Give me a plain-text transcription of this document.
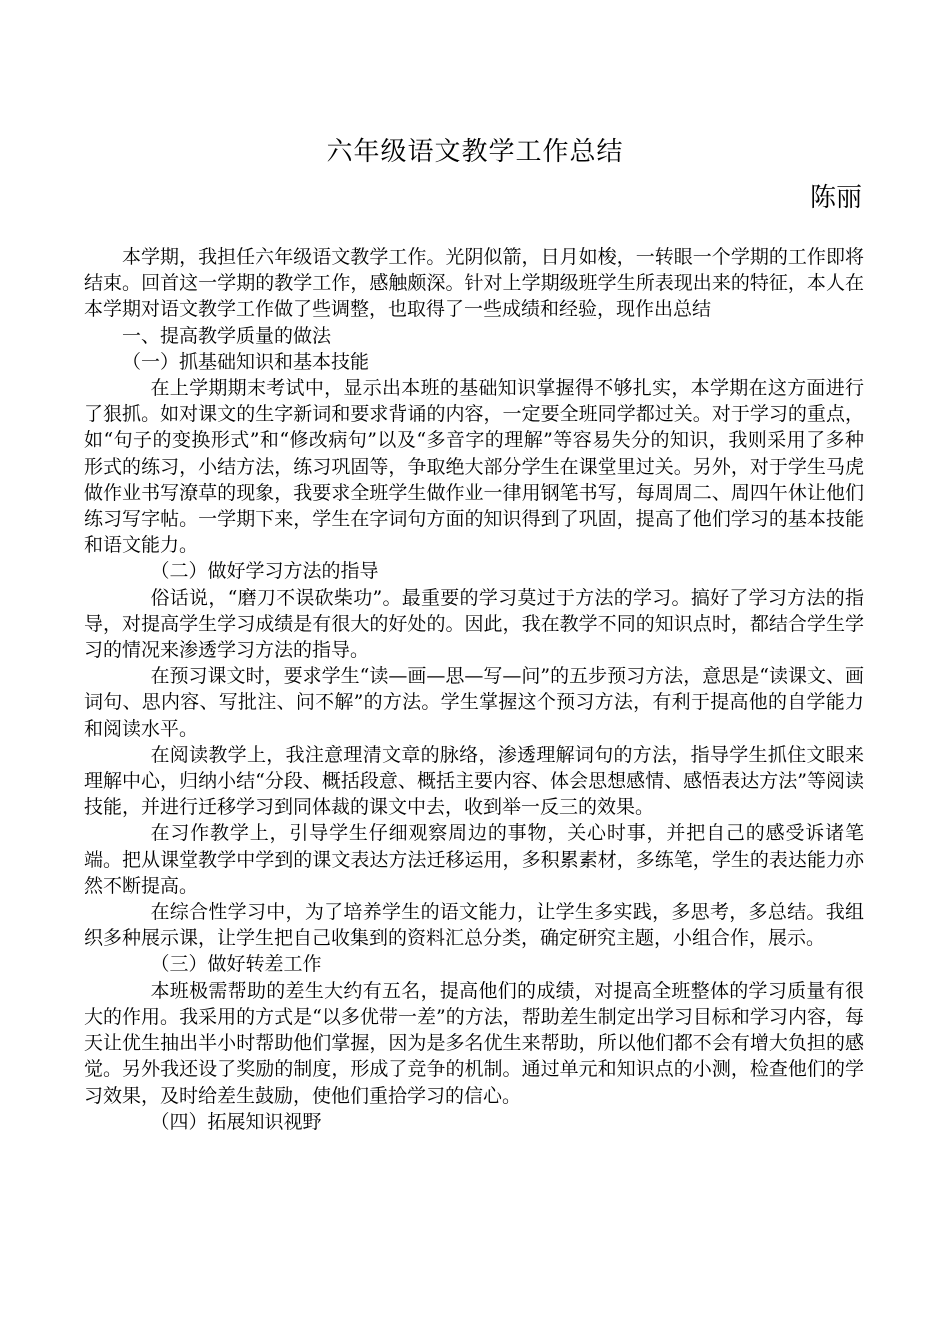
六年级语文教学工作总结
陈丽

本学期，我担任六年级语文教学工作。光阴似箭，日月如梭，一转眼一个学期的工作即将结束。回首这一学期的教学工作，感触颇深。针对上学期级班学生所表现出来的特征，本人在本学期对语文教学工作做了些调整，也取得了一些成绩和经验，现作出总结

一、提高教学质量的做法

（一）抓基础知识和基本技能

在上学期期末考试中，显示出本班的基础知识掌握得不够扎实，本学期在这方面进行了狠抓。如对课文的生字新词和要求背诵的内容，一定要全班同学都过关。对于学习的重点，如“句子的变换形式”和“修改病句”以及“多音字的理解”等容易失分的知识，我则采用了多种形式的练习，小结方法，练习巩固等，争取绝大部分学生在课堂里过关。另外，对于学生马虎做作业书写潦草的现象，我要求全班学生做作业一律用钢笔书写，每周周二、周四午休让他们练习写字帖。一学期下来，学生在字词句方面的知识得到了巩固，提高了他们学习的基本技能和语文能力。

（二）做好学习方法的指导

俗话说，“磨刀不误砍柴功”。最重要的学习莫过于方法的学习。搞好了学习方法的指导，对提高学生学习成绩是有很大的好处的。因此，我在教学不同的知识点时，都结合学生学习的情况来渗透学习方法的指导。

在预习课文时，要求学生“读—画—思—写—问”的五步预习方法，意思是“读课文、画词句、思内容、写批注、问不解”的方法。学生掌握这个预习方法，有利于提高他的自学能力和阅读水平。

在阅读教学上，我注意理清文章的脉络，渗透理解词句的方法，指导学生抓住文眼来理解中心，归纳小结“分段、概括段意、概括主要内容、体会思想感情、感悟表达方法”等阅读技能，并进行迁移学习到同体裁的课文中去，收到举一反三的效果。

在习作教学上，引导学生仔细观察周边的事物，关心时事，并把自己的感受诉诸笔端。把从课堂教学中学到的课文表达方法迁移运用，多积累素材，多练笔，学生的表达能力亦然不断提高。

在综合性学习中，为了培养学生的语文能力，让学生多实践，多思考，多总结。我组织多种展示课，让学生把自己收集到的资料汇总分类，确定研究主题，小组合作，展示。

（三）做好转差工作

本班极需帮助的差生大约有五名，提高他们的成绩，对提高全班整体的学习质量有很大的作用。我采用的方式是“以多优带一差”的方法，帮助差生制定出学习目标和学习内容，每天让优生抽出半小时帮助他们掌握，因为是多名优生来帮助，所以他们都不会有增大负担的感觉。另外我还设了奖励的制度，形成了竞争的机制。通过单元和知识点的小测，检查他们的学习效果，及时给差生鼓励，使他们重拾学习的信心。

（四）拓展知识视野
